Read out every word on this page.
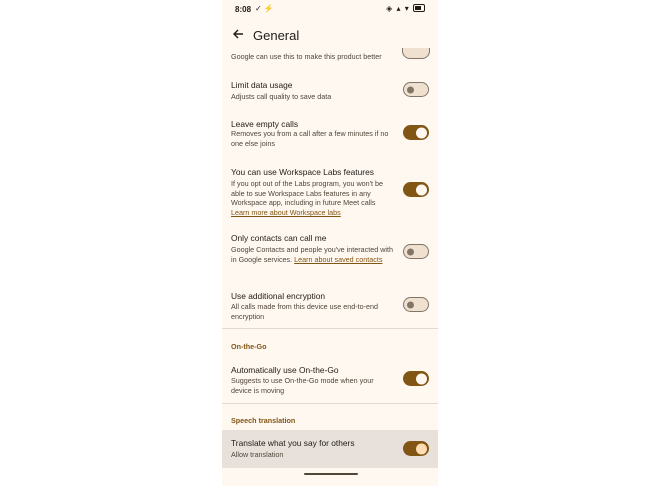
8:08 ✓ ⚡	◈ ▴ ▾
General
Google can use this to make this product better
Limit data usage
Adjusts call quality to save data
Leave empty calls
Removes you from a call after a few minutes if no one else joins
You can use Workspace Labs features
If you opt out of the Labs program, you won't be able to sue Workspace Labs features in any Workspace app, including in future Meet calls Learn more about Workspace labs
Only contacts can call me
Google Contacts and people you've interacted with in Google services. Learn about saved contacts
Use additional encryption
All calls made from this device use end-to-end encryption
On-the-Go
Automatically use On-the-Go
Suggests to use On-the-Go mode when your device is moving
Speech translation
Translate what you say for others
Allow translation
